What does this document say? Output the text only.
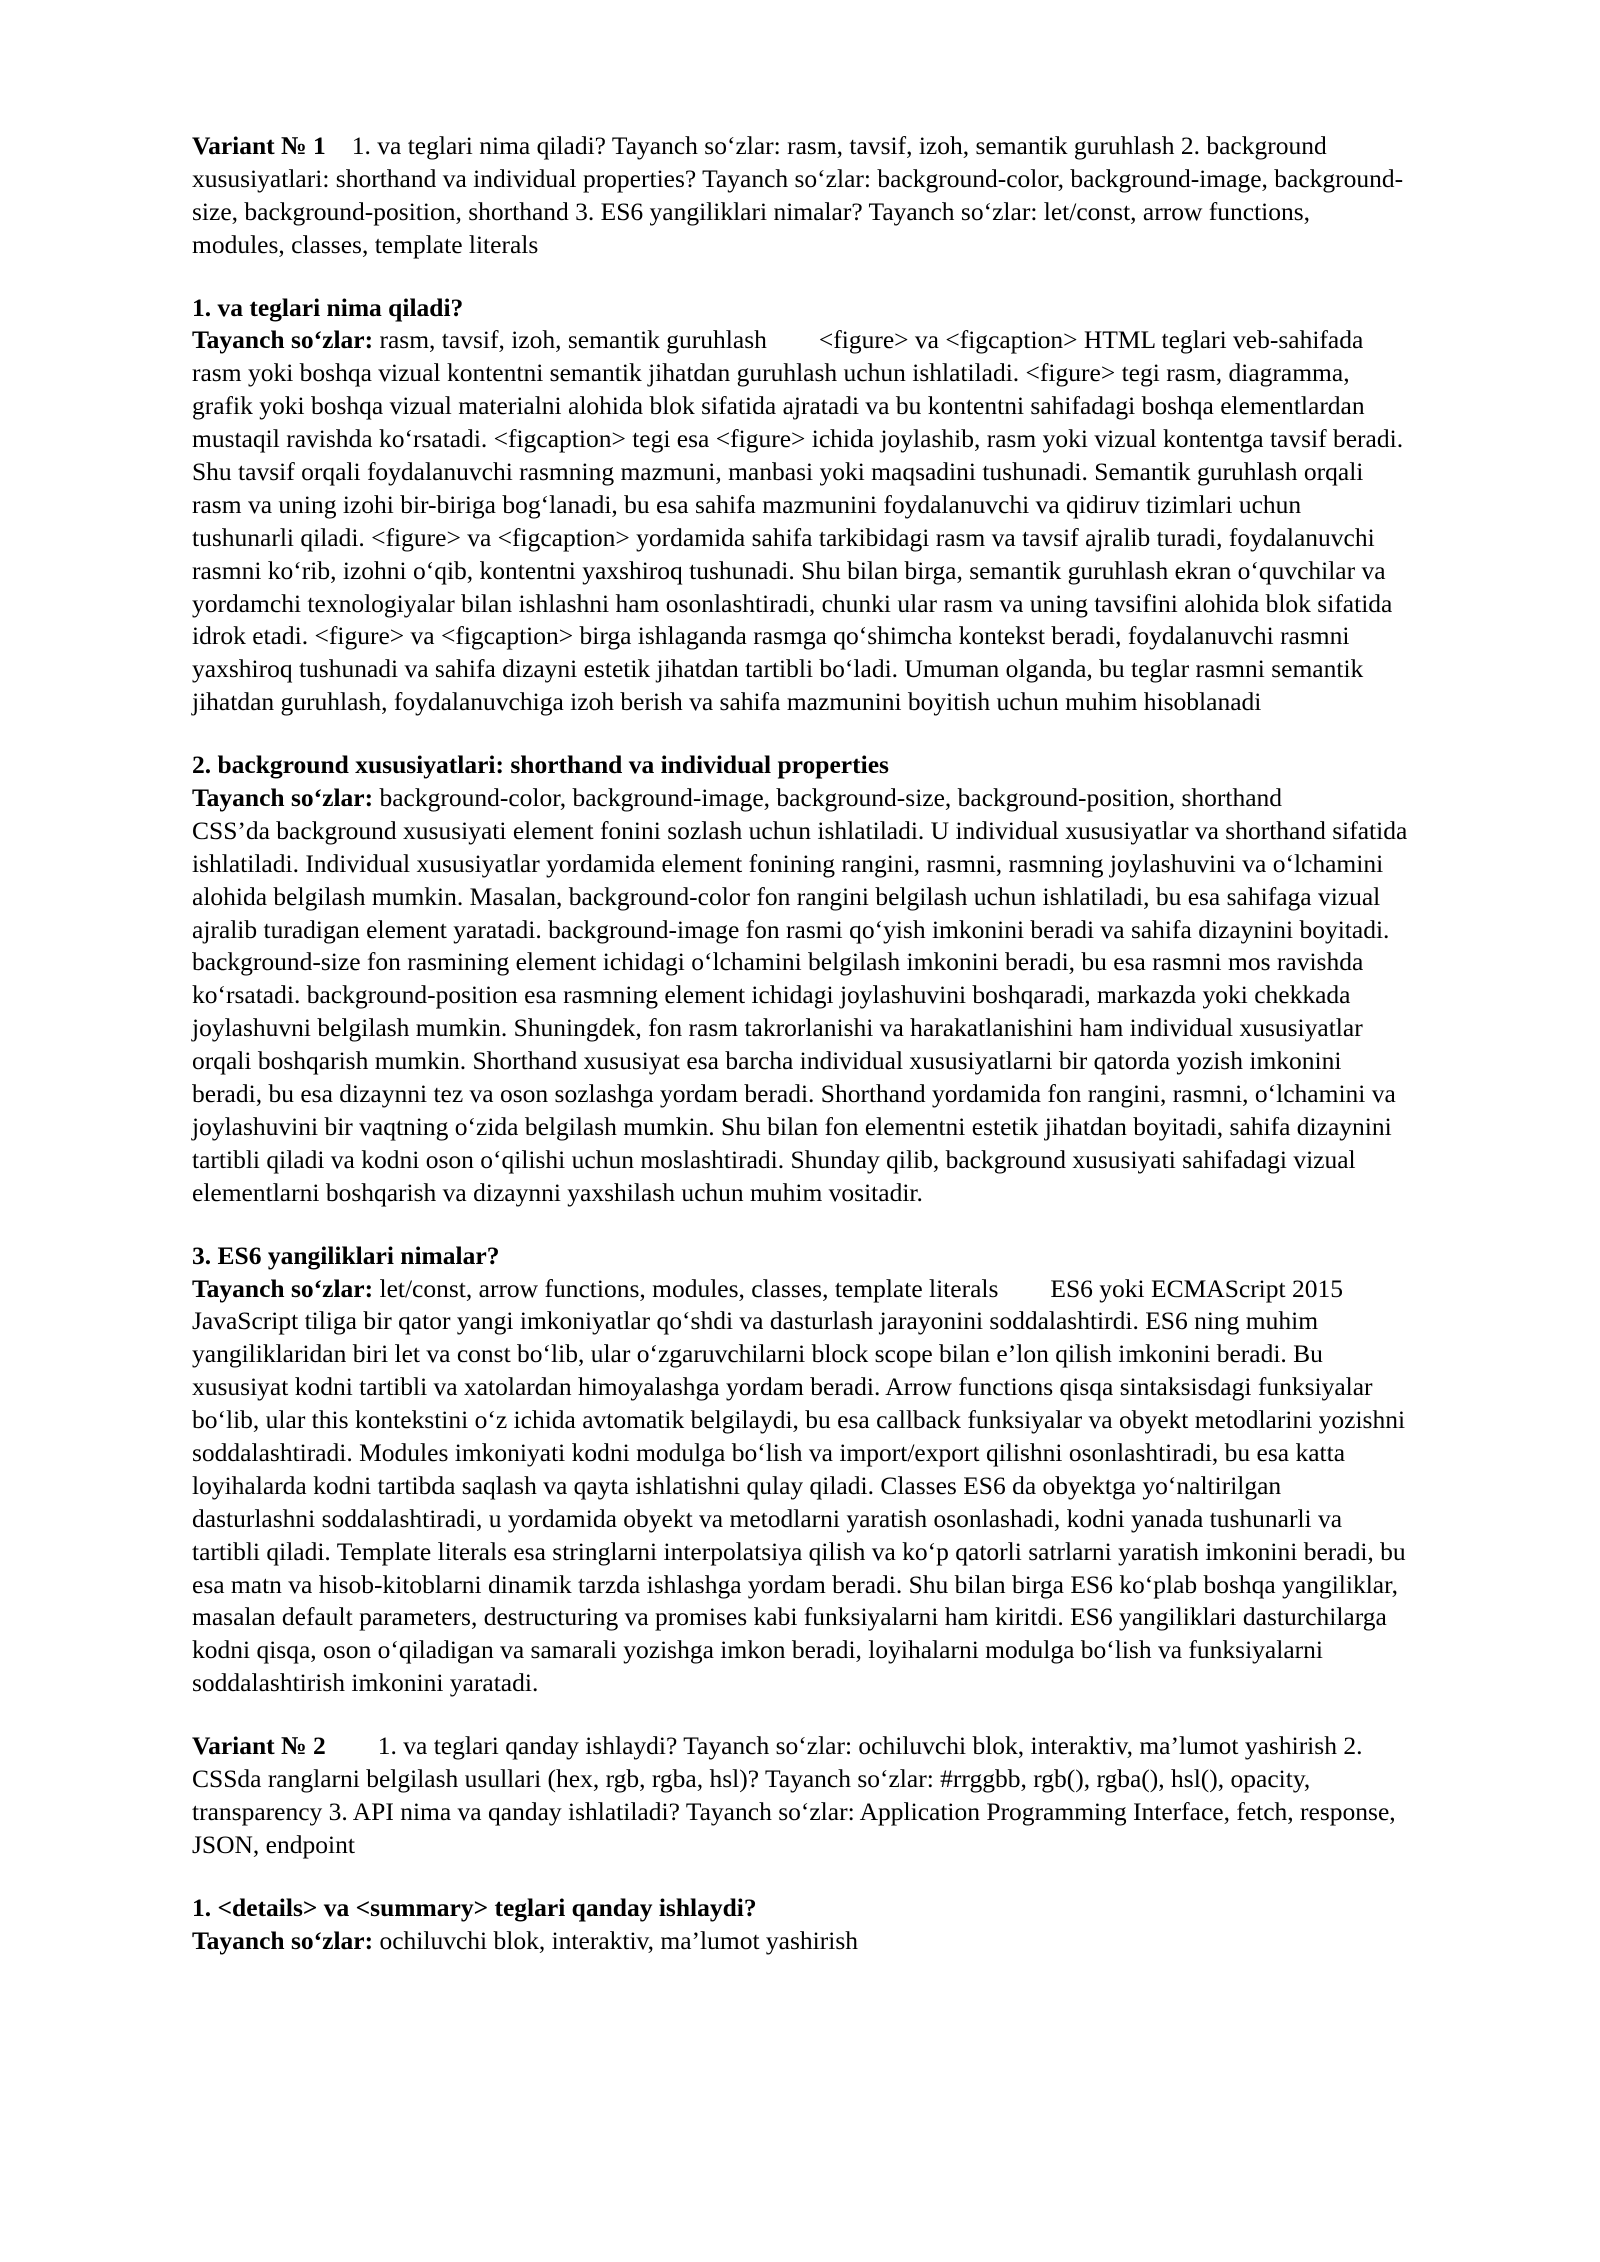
Variant № 1 1. va teglari nima qiladi? Tayanch so‘zlar: rasm, tavsif, izoh, semantik guruhlash 2. background xususiyatlari: shorthand va individual properties? Tayanch so‘zlar: background-color, background-image, background-size, background-position, shorthand 3. ES6 yangiliklari nimalar? Tayanch so‘zlar: let/const, arrow functions, modules, classes, template literals

1. va teglari nima qiladi?

Tayanch so‘zlar: rasm, tavsif, izoh, semantik guruhlash <figure> va <figcaption> HTML teglari veb-sahifada rasm yoki boshqa vizual kontentni semantik jihatdan guruhlash uchun ishlatiladi. <figure> tegi rasm, diagramma, grafik yoki boshqa vizual materialni alohida blok sifatida ajratadi va bu kontentni sahifadagi boshqa elementlardan mustaqil ravishda ko‘rsatadi. <figcaption> tegi esa <figure> ichida joylashib, rasm yoki vizual kontentga tavsif beradi. Shu tavsif orqali foydalanuvchi rasmning mazmuni, manbasi yoki maqsadini tushunadi. Semantik guruhlash orqali rasm va uning izohi bir-biriga bog‘lanadi, bu esa sahifa mazmunini foydalanuvchi va qidiruv tizimlari uchun tushunarli qiladi. <figure> va <figcaption> yordamida sahifa tarkibidagi rasm va tavsif ajralib turadi, foydalanuvchi rasmni ko‘rib, izohni o‘qib, kontentni yaxshiroq tushunadi. Shu bilan birga, semantik guruhlash ekran o‘quvchilar va yordamchi texnologiyalar bilan ishlashni ham osonlashtiradi, chunki ular rasm va uning tavsifini alohida blok sifatida idrok etadi. <figure> va <figcaption> birga ishlaganda rasmga qo‘shimcha kontekst beradi, foydalanuvchi rasmni yaxshiroq tushunadi va sahifa dizayni estetik jihatdan tartibli bo‘ladi. Umuman olganda, bu teglar rasmni semantik jihatdan guruhlash, foydalanuvchiga izoh berish va sahifa mazmunini boyitish uchun muhim hisoblanadi

2. background xususiyatlari: shorthand va individual properties

Tayanch so‘zlar: background-color, background-image, background-size, background-position, shorthand
CSS’da background xususiyati element fonini sozlash uchun ishlatiladi. U individual xususiyatlar va shorthand sifatida ishlatiladi. Individual xususiyatlar yordamida element fonining rangini, rasmni, rasmning joylashuvini va o‘lchamini alohida belgilash mumkin. Masalan, background-color fon rangini belgilash uchun ishlatiladi, bu esa sahifaga vizual ajralib turadigan element yaratadi. background-image fon rasmi qo‘yish imkonini beradi va sahifa dizaynini boyitadi. background-size fon rasmining element ichidagi o‘lchamini belgilash imkonini beradi, bu esa rasmni mos ravishda ko‘rsatadi. background-position esa rasmning element ichidagi joylashuvini boshqaradi, markazda yoki chekkada joylashuvni belgilash mumkin. Shuningdek, fon rasm takrorlanishi va harakatlanishini ham individual xususiyatlar orqali boshqarish mumkin. Shorthand xususiyat esa barcha individual xususiyatlarni bir qatorda yozish imkonini beradi, bu esa dizaynni tez va oson sozlashga yordam beradi. Shorthand yordamida fon rangini, rasmni, o‘lchamini va joylashuvini bir vaqtning o‘zida belgilash mumkin. Shu bilan fon elementni estetik jihatdan boyitadi, sahifa dizaynini tartibli qiladi va kodni oson o‘qilishi uchun moslashtiradi. Shunday qilib, background xususiyati sahifadagi vizual elementlarni boshqarish va dizaynni yaxshilash uchun muhim vositadir.

3. ES6 yangiliklari nimalar?

Tayanch so‘zlar: let/const, arrow functions, modules, classes, template literals ES6 yoki ECMAScript 2015 JavaScript tiliga bir qator yangi imkoniyatlar qo‘shdi va dasturlash jarayonini soddalashtirdi. ES6 ning muhim yangiliklaridan biri let va const bo‘lib, ular o‘zgaruvchilarni block scope bilan e’lon qilish imkonini beradi. Bu xususiyat kodni tartibli va xatolardan himoyalashga yordam beradi. Arrow functions qisqa sintaksisdagi funksiyalar bo‘lib, ular this kontekstini o‘z ichida avtomatik belgilaydi, bu esa callback funksiyalar va obyekt metodlarini yozishni soddalashtiradi. Modules imkoniyati kodni modulga bo‘lish va import/export qilishni osonlashtiradi, bu esa katta loyihalarda kodni tartibda saqlash va qayta ishlatishni qulay qiladi. Classes ES6 da obyektga yo‘naltirilgan dasturlashni soddalashtiradi, u yordamida obyekt va metodlarni yaratish osonlashadi, kodni yanada tushunarli va tartibli qiladi. Template literals esa stringlarni interpolatsiya qilish va ko‘p qatorli satrlarni yaratish imkonini beradi, bu esa matn va hisob-kitoblarni dinamik tarzda ishlashga yordam beradi. Shu bilan birga ES6 ko‘plab boshqa yangiliklar, masalan default parameters, destructuring va promises kabi funksiyalarni ham kiritdi. ES6 yangiliklari dasturchilarga kodni qisqa, oson o‘qiladigan va samarali yozishga imkon beradi, loyihalarni modulga bo‘lish va funksiyalarni soddalashtirish imkonini yaratadi.

Variant № 2 1. va teglari qanday ishlaydi? Tayanch so‘zlar: ochiluvchi blok, interaktiv, ma’lumot yashirish 2. CSSda ranglarni belgilash usullari (hex, rgb, rgba, hsl)? Tayanch so‘zlar: #rrggbb, rgb(), rgba(), hsl(), opacity, transparency 3. API nima va qanday ishlatiladi? Tayanch so‘zlar: Application Programming Interface, fetch, response, JSON, endpoint

1. <details> va <summary> teglari qanday ishlaydi?

Tayanch so‘zlar: ochiluvchi blok, interaktiv, ma’lumot yashirish
